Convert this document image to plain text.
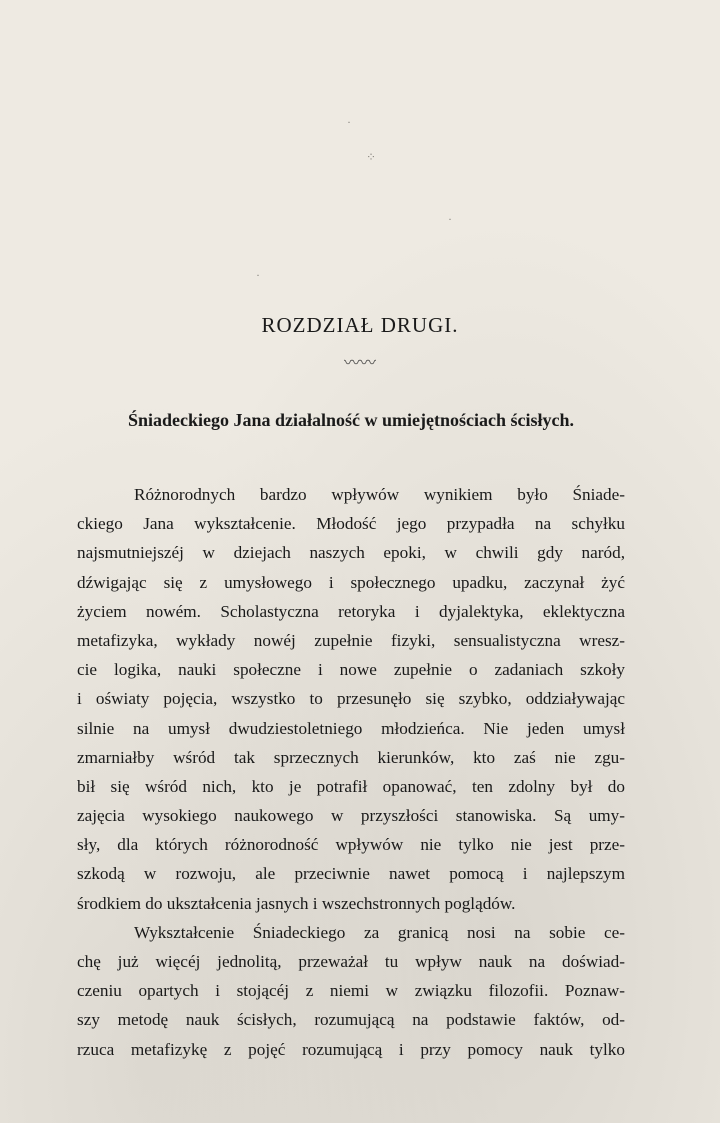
·
⁘
·
·
ROZDZIAŁ DRUGI.
〰〰
Śniadeckiego Jana działalność w umiejętnościach ścisłych.
Różnorodnych bardzo wpływów wynikiem było Śniade-
ckiego Jana wykształcenie. Młodość jego przypadła na schyłku
najsmutniejszéj w dziejach naszych epoki, w chwili gdy naród,
dźwigając się z umysłowego i społecznego upadku, zaczynał żyć
życiem nowém. Scholastyczna retoryka i dyjalektyka, eklektyczna
metafizyka, wykłady nowéj zupełnie fizyki, sensualistyczna wresz-
cie logika, nauki społeczne i nowe zupełnie o zadaniach szkoły
i oświaty pojęcia, wszystko to przesunęło się szybko, oddziaływając
silnie na umysł dwudziestoletniego młodzieńca. Nie jeden umysł
zmarniałby wśród tak sprzecznych kierunków, kto zaś nie zgu-
bił się wśród nich, kto je potrafił opanować, ten zdolny był do
zajęcia wysokiego naukowego w przyszłości stanowiska. Są umy-
sły, dla których różnorodność wpływów nie tylko nie jest prze-
szkodą w rozwoju, ale przeciwnie nawet pomocą i najlepszym
środkiem do ukształcenia jasnych i wszechstronnych poglądów.
Wykształcenie Śniadeckiego za granicą nosi na sobie ce-
chę już więcéj jednolitą, przeważał tu wpływ nauk na doświad-
czeniu opartych i stojącéj z niemi w związku filozofii. Poznaw-
szy metodę nauk ścisłych, rozumującą na podstawie faktów, od-
rzuca metafizykę z pojęć rozumującą i przy pomocy nauk tylko
